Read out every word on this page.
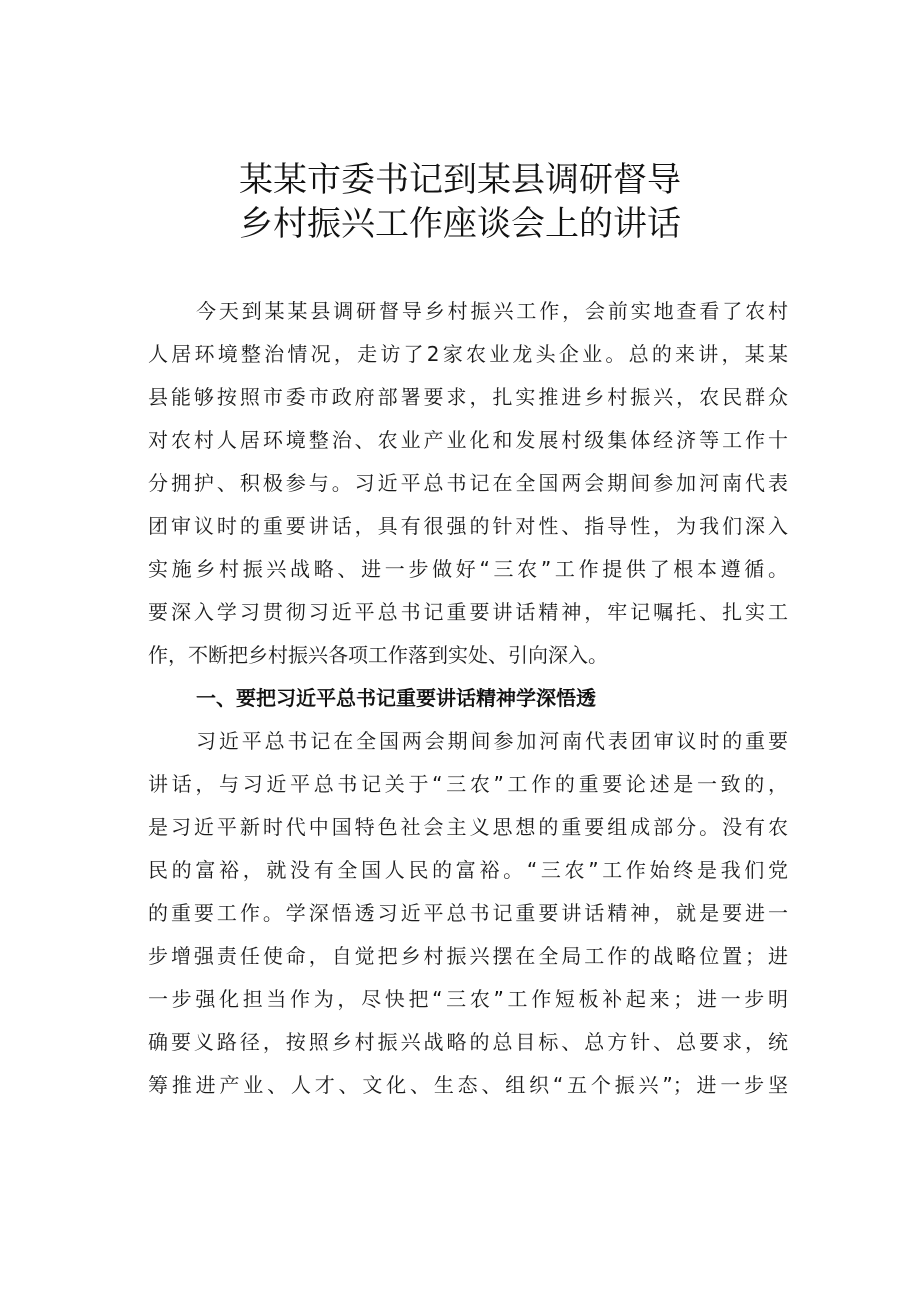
某某市委书记到某县调研督导
乡村振兴工作座谈会上的讲话
今天到某某县调研督导乡村振兴工作，会前实地查看了农村
人居环境整治情况，走访了2家农业龙头企业。总的来讲，某某
县能够按照市委市政府部署要求，扎实推进乡村振兴，农民群众
对农村人居环境整治、农业产业化和发展村级集体经济等工作十
分拥护、积极参与。习近平总书记在全国两会期间参加河南代表
团审议时的重要讲话，具有很强的针对性、指导性，为我们深入
实施乡村振兴战略、进一步做好“三农”工作提供了根本遵循。
要深入学习贯彻习近平总书记重要讲话精神，牢记嘱托、扎实工
作，不断把乡村振兴各项工作落到实处、引向深入。
一、要把习近平总书记重要讲话精神学深悟透
习近平总书记在全国两会期间参加河南代表团审议时的重要
讲话，与习近平总书记关于“三农”工作的重要论述是一致的，
是习近平新时代中国特色社会主义思想的重要组成部分。没有农
民的富裕，就没有全国人民的富裕。“三农”工作始终是我们党
的重要工作。学深悟透习近平总书记重要讲话精神，就是要进一
步增强责任使命，自觉把乡村振兴摆在全局工作的战略位置；进
一步强化担当作为，尽快把“三农”工作短板补起来；进一步明
确要义路径，按照乡村振兴战略的总目标、总方针、总要求，统
筹推进产业、人才、文化、生态、组织“五个振兴”；进一步坚
